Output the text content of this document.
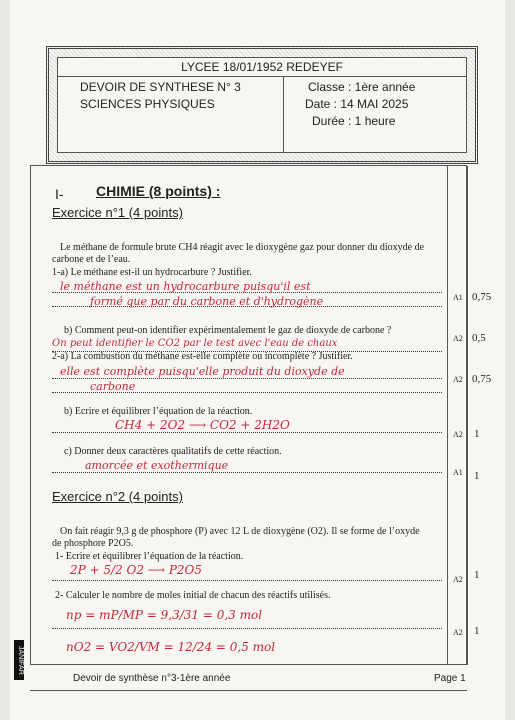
LYCEE 18/01/1952 REDEYEF
DEVOIR DE SYNTHESE N° 3
SCIENCES PHYSIQUES
Classe : 1ère année
Date : 14 MAI 2025
Durée : 1 heure
I- CHIMIE (8 points) :
Exercice n°1 (4 points)
Le méthane de formule brute CH4 réagit avec le dioxygène gaz pour donner du dioxyde de
carbone et de l’eau.
1-a) Le méthane est-il un hydrocarbure ? Justifier.
le méthane est un hydrocarbure puisqu'il est
formé que par du carbone et d'hydrogène
b) Comment peut-on identifier expérimentalement le gaz de dioxyde de carbone ?
On peut identifier le CO2 par le test avec l'eau de chaux
2-a) La combustion du méthane est-elle complète ou incomplète ? Justifier.
elle est complète puisqu'elle produit du dioxyde de
carbone
b) Ecrire et équilibrer l’équation de la réaction.
CH4 + 2O2 ⟶ CO2 + 2H2O
c) Donner deux caractères qualitatifs de cette réaction.
amorcée et exothermique
Exercice n°2 (4 points)
On fait réagir 9,3 g de phosphore (P) avec 12 L de dioxygène (O2). Il se forme de l’oxyde
de phosphore P2O5.
1- Ecrire et équilibrer l’équation de la réaction.
2P + 5/2 O2 ⟶ P2O5
2- Calculer le nombre de moles initial de chacun des réactifs utilisés.
np = mP/MP = 9,3/31 = 0,3 mol
nO2 = VO2/VM = 12/24 = 0,5 mol
A1 0,75
A2 0,5
A2 0,75
A2 1
A1 1
A2 1
A2 1
JANIFAR
Devoir de synthèse n°3-1ère année	Page 1
